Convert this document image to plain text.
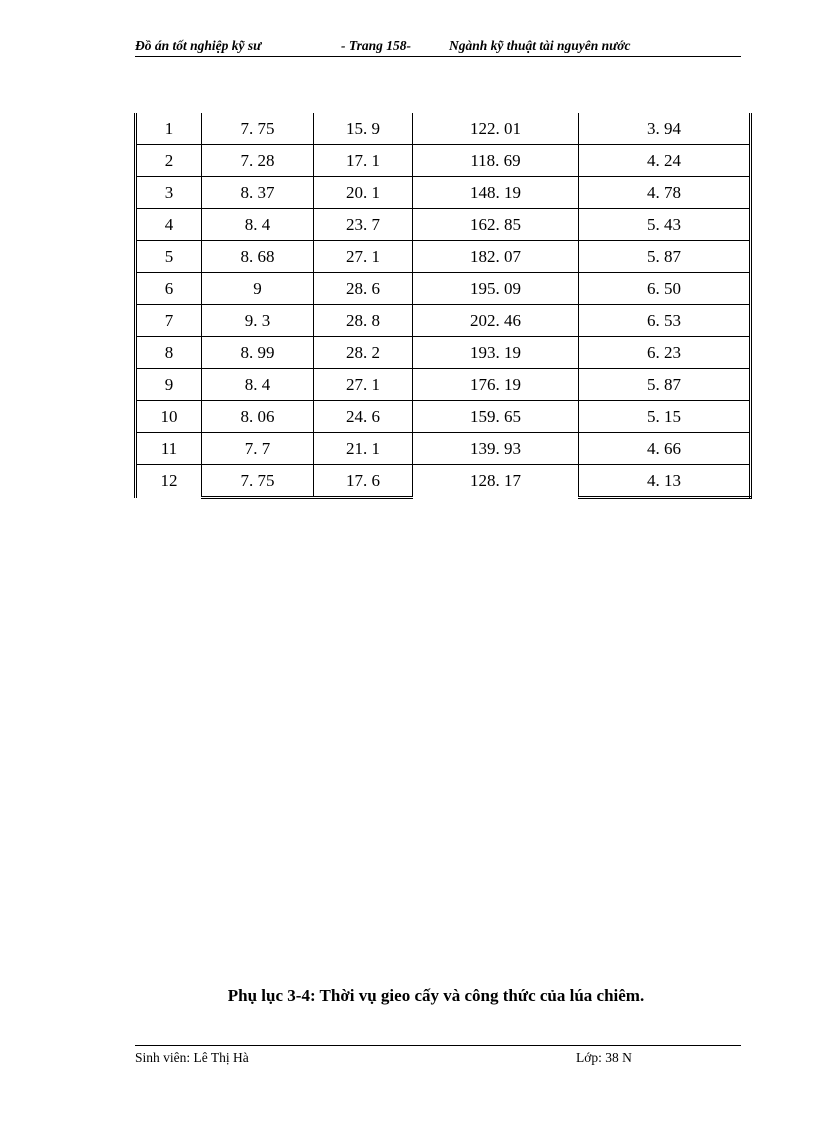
Đồ án tốt nghiệp kỹ sư	- Trang 158-	Ngành kỹ thuật tài nguyên nước
1	7. 75	15. 9	122. 01	3. 94
2	7. 28	17. 1	118. 69	4. 24
3	8. 37	20. 1	148. 19	4. 78
4	8. 4	23. 7	162. 85	5. 43
5	8. 68	27. 1	182. 07	5. 87
6	9	28. 6	195. 09	6. 50
7	9. 3	28. 8	202. 46	6. 53
8	8. 99	28. 2	193. 19	6. 23
9	8. 4	27. 1	176. 19	5. 87
10	8. 06	24. 6	159. 65	5. 15
11	7. 7	21. 1	139. 93	4. 66
12	7. 75	17. 6	128. 17	4. 13
Phụ lục 3-4: Thời vụ gieo cấy và công thức của lúa chiêm.
Sinh viên: Lê Thị Hà	Lớp: 38 N
